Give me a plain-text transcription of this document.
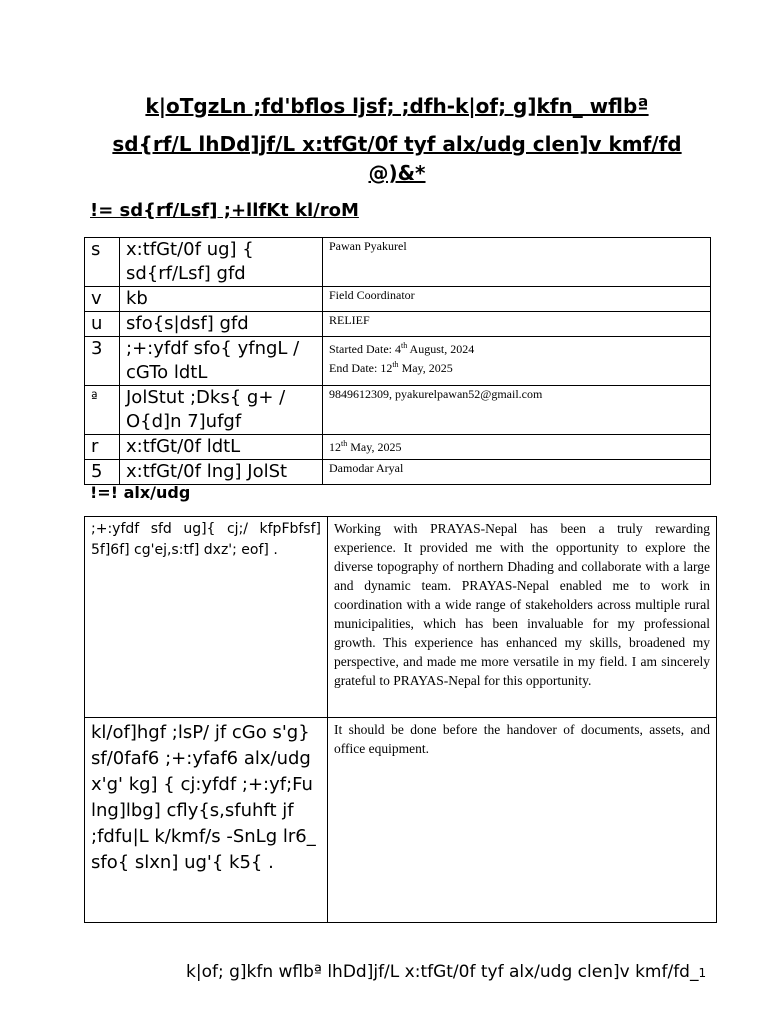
k|oTgzLn ;fd'bflos ljsf; ;dfh-k|of; g]kfn_ wflbª
sd{rf/L lhDd]jf/L x:tfGt/0f tyf alx/udg clen]v kmf/fd @)&*
!= sd{rf/Lsf] ;+llfKt kl/roM
s	x:tfGt/0f ug] { sd{rf/Lsf] gfd	Pawan Pyakurel
v	kb	Field Coordinator
u	sfo{s|dsf] gfd	RELIEF
3	;+:yfdf sfo{ yfngL / cGTo ldtL	Started Date: 4th August, 2024
End Date: 12th May, 2025

ª	JolStut ;Dks{ g+ / O{d]n 7]ufgf	9849612309, pyakurelpawan52@gmail.com
r	x:tfGt/0f ldtL	12th May, 2025
5	x:tfGt/0f lng] JolSt	Damodar Aryal
!=! alx/udg
;+:yfdf sfd ug]{ cj;/ kfpFbfsf] 5f]6f] cg'ej,s:tf] dxz'; eof] .	Working with PRAYAS-Nepal has been a truly rewarding experience. It provided me with the opportunity to explore the diverse topography of northern Dhading and collaborate with a large and dynamic team. PRAYAS-Nepal enabled me to work in coordination with a wide range of stakeholders across multiple rural municipalities, which has been invaluable for my professional growth. This experience has enhanced my skills, broadened my perspective, and made me more versatile in my field. I am sincerely grateful to PRAYAS-Nepal for this opportunity.
kl/of]hgf ;lsP/ jf cGo s'g} sf/0faf6 ;+:yfaf6 alx/udg x'g' kg] { cj:yfdf ;+:yf;Fu lng]lbg] cfly{s,sfuhft jf ;fdfu|L k/kmf/s -SnLg lr6_ sfo{ slxn] ug'{ k5{ .	It should be done before the handover of documents, assets, and office equipment.
k|of; g]kfn wflbª lhDd]jf/L x:tfGt/0f tyf alx/udg clen]v kmf/fd_1
